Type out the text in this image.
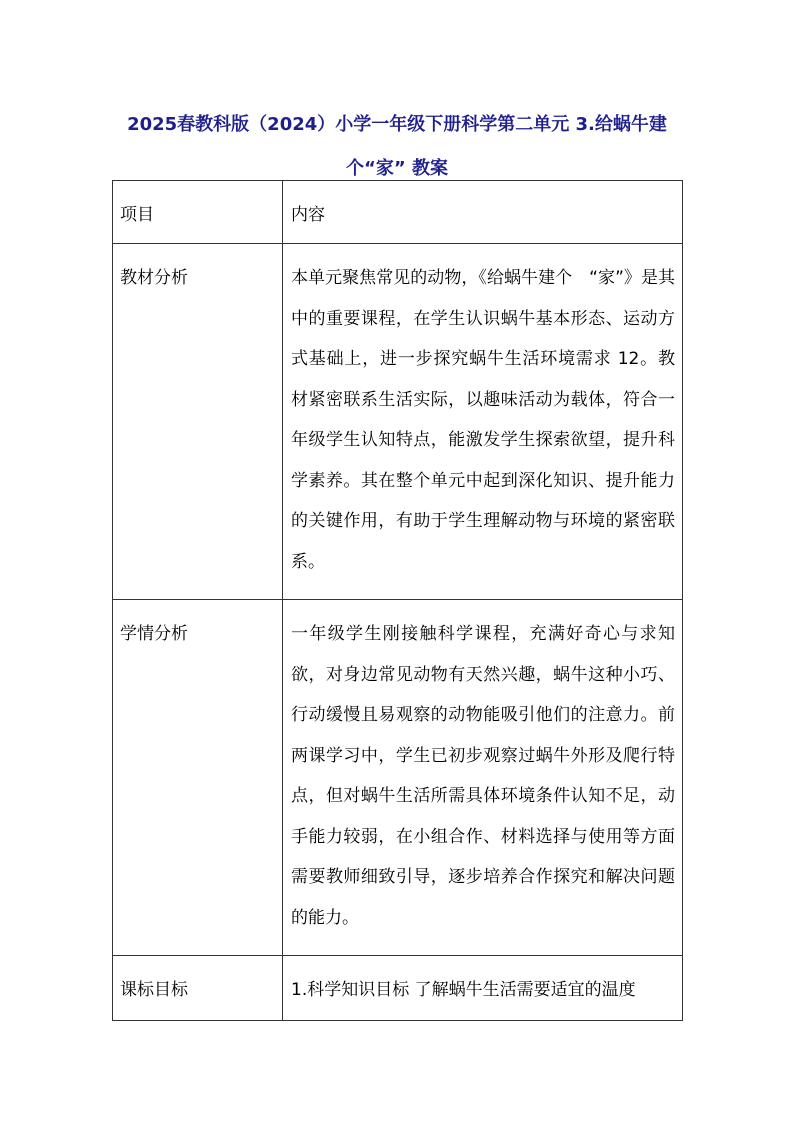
2025春教科版（2024）小学一年级下册科学第二单元 3.给蜗牛建个“家” 教案
项目	内容

教材分析	本单元聚焦常见的动物，《给蜗牛建个　“家”》是其中的重要课程，在学生认识蜗牛基本形态、运动方式基础上，进一步探究蜗牛生活环境需求 12。教材紧密联系生活实际，以趣味活动为载体，符合一年级学生认知特点，能激发学生探索欲望，提升科学素养。其在整个单元中起到深化知识、提升能力的关键作用，有助于学生理解动物与环境的紧密联系。

学情分析	一年级学生刚接触科学课程，充满好奇心与求知欲，对身边常见动物有天然兴趣，蜗牛这种小巧、行动缓慢且易观察的动物能吸引他们的注意力。前两课学习中，学生已初步观察过蜗牛外形及爬行特点，但对蜗牛生活所需具体环境条件认知不足，动手能力较弱，在小组合作、材料选择与使用等方面需要教师细致引导，逐步培养合作探究和解决问题的能力。

课标目标	1.科学知识目标 了解蜗牛生活需要适宜的温度
